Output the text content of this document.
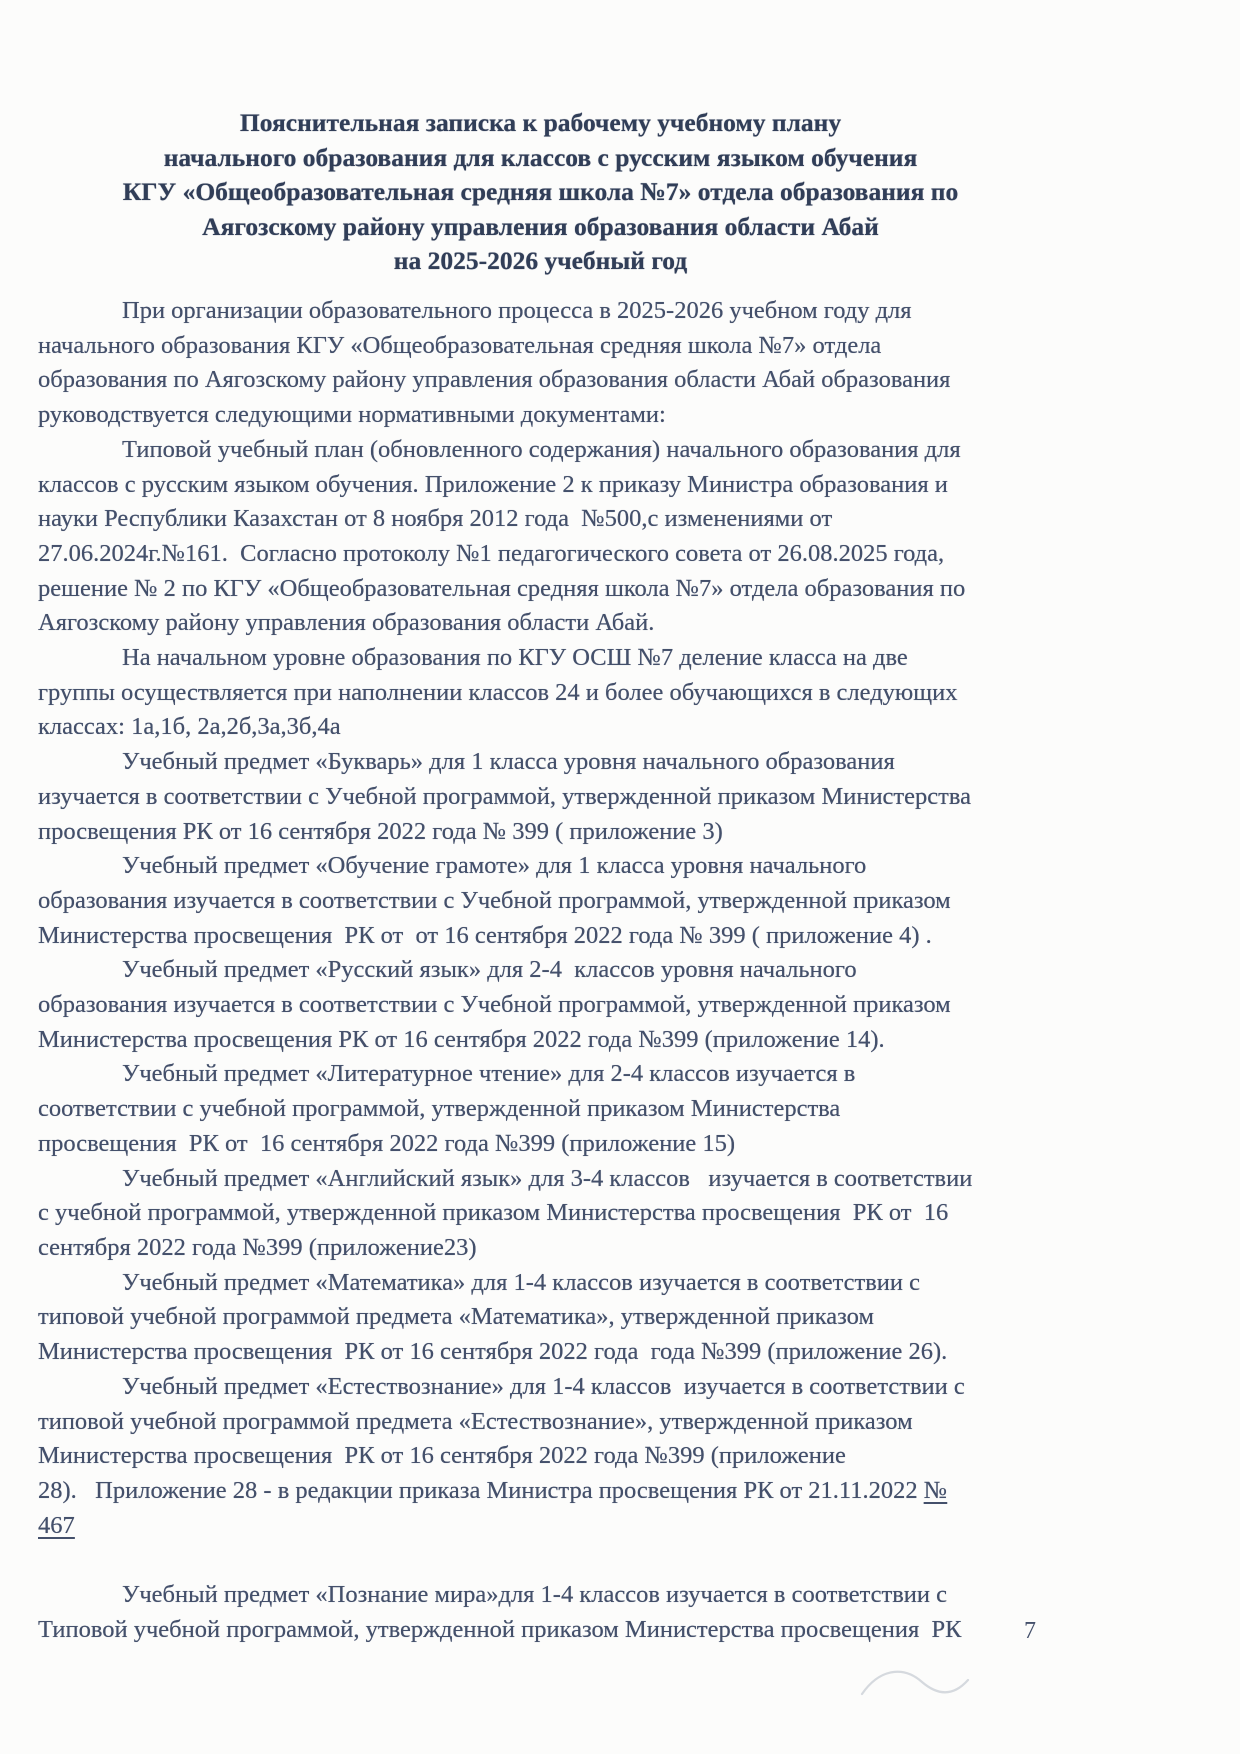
Пояснительная записка к рабочему учебному плану
начального образования для классов с русским языком обучения
КГУ «Общеобразовательная средняя школа №7» отдела образования по
Аягозскому району управления образования области Абай
на 2025-2026 учебный год
При организации образовательного процесса в 2025-2026 учебном году для
начального образования КГУ «Общеобразовательная средняя школа №7» отдела
образования по Аягозскому району управления образования области Абай образования
руководствуется следующими нормативными документами:
Типовой учебный план (обновленного содержания) начального образования для
классов с русским языком обучения. Приложение 2 к приказу Министра образования и
науки Республики Казахстан от 8 ноября 2012 года  №500,с изменениями от
27.06.2024г.№161.  Согласно протоколу №1 педагогического совета от 26.08.2025 года,
решение № 2 по КГУ «Общеобразовательная средняя школа №7» отдела образования по
Аягозскому району управления образования области Абай.
На начальном уровне образования по КГУ ОСШ №7 деление класса на две
группы осуществляется при наполнении классов 24 и более обучающихся в следующих
классах: 1а,1б, 2а,2б,3а,3б,4а
Учебный предмет «Букварь» для 1 класса уровня начального образования
изучается в соответствии с Учебной программой, утвержденной приказом Министерства
просвещения РК от 16 сентября 2022 года № 399 ( приложение 3)
Учебный предмет «Обучение грамоте» для 1 класса уровня начального
образования изучается в соответствии с Учебной программой, утвержденной приказом
Министерства просвещения  РК от  от 16 сентября 2022 года № 399 ( приложение 4) .
Учебный предмет «Русский язык» для 2-4  классов уровня начального
образования изучается в соответствии с Учебной программой, утвержденной приказом
Министерства просвещения РК от 16 сентября 2022 года №399 (приложение 14).
Учебный предмет «Литературное чтение» для 2-4 классов изучается в
соответствии с учебной программой, утвержденной приказом Министерства
просвещения  РК от  16 сентября 2022 года №399 (приложение 15)
Учебный предмет «Английский язык» для 3-4 классов   изучается в соответствии
с учебной программой, утвержденной приказом Министерства просвещения  РК от  16
сентября 2022 года №399 (приложение23)
Учебный предмет «Математика» для 1-4 классов изучается в соответствии с
типовой учебной программой предмета «Математика», утвержденной приказом
Министерства просвещения  РК от 16 сентября 2022 года  года №399 (приложение 26).
Учебный предмет «Естествознание» для 1-4 классов  изучается в соответствии с
типовой учебной программой предмета «Естествознание», утвержденной приказом
Министерства просвещения  РК от 16 сентября 2022 года №399 (приложение
28).   Приложение 28 - в редакции приказа Министра просвещения РК от 21.11.2022 №
467

Учебный предмет «Познание мира»для 1-4 классов изучается в соответствии с
Типовой учебной программой, утвержденной приказом Министерства просвещения  РК	7
